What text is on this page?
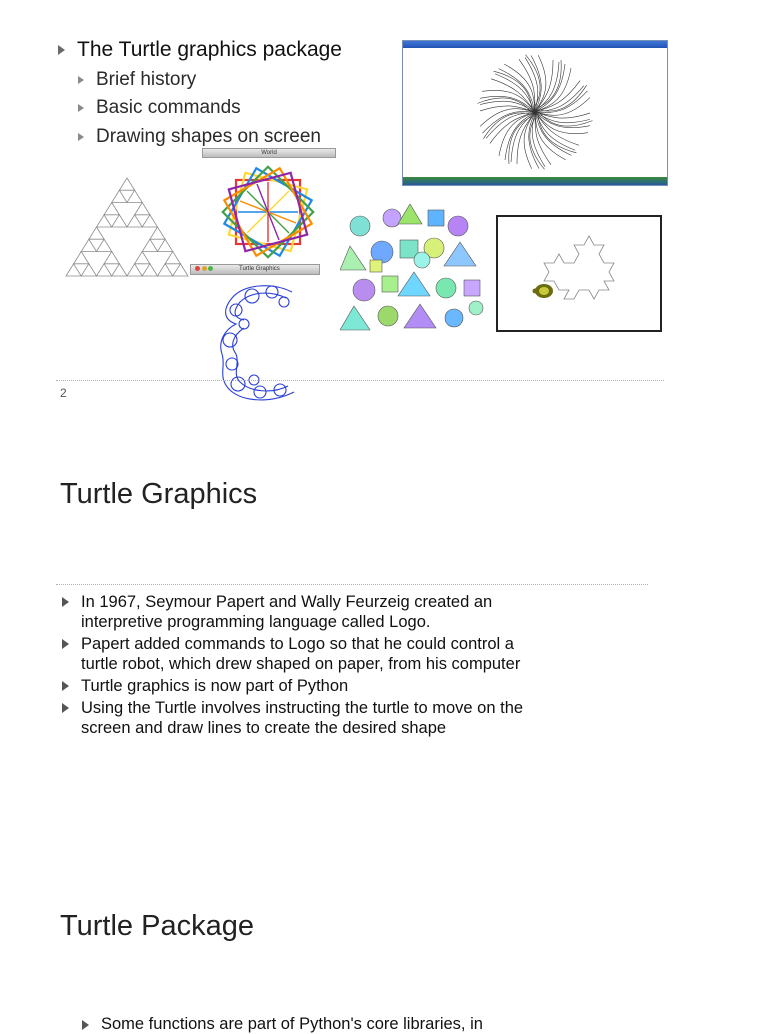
The Turtle graphics package
Brief history
Basic commands
Drawing shapes on screen
World
Turtle Graphics
2
Turtle Graphics
In 1967, Seymour Papert and Wally Feurzeig created an
interpretive programming language called Logo.
Papert added commands to Logo so that he could control a
turtle robot, which drew shaped on paper, from his computer
Turtle graphics is now part of Python
Using the Turtle involves instructing the turtle to move on the
screen and draw lines to create the desired shape
Turtle Package
Some functions are part of Python's core libraries, in
